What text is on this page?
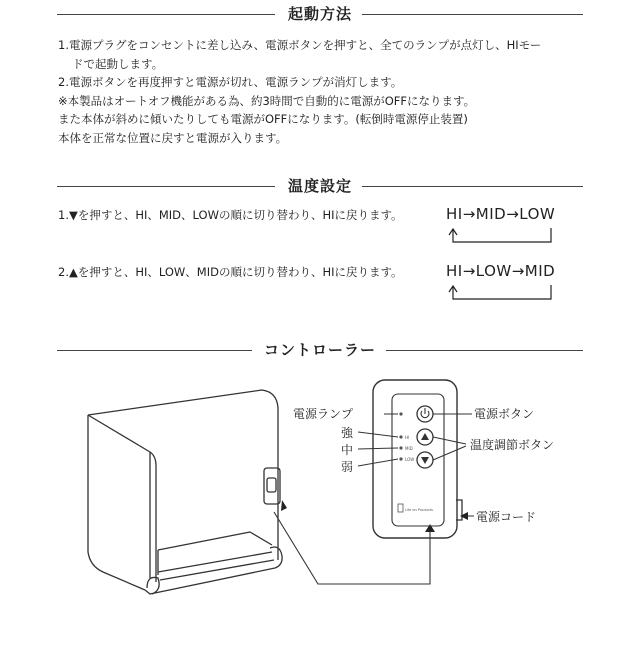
起動方法
1.電源プラグをコンセントに差し込み、電源ボタンを押すと、全てのランプが点灯し、HIモー
ドで起動します。
2.電源ボタンを再度押すと電源が切れ、電源ランプが消灯します。
※本製品はオートオフ機能がある為、約3時間で自動的に電源がOFFになります。
また本体が斜めに傾いたりしても電源がOFFになります。(転倒時電源停止装置)
本体を正常な位置に戻すと電源が入ります。
温度設定
1.▼を押すと、HI、MID、LOWの順に切り替わり、HIに戻ります。	HI→MID→LOW
2.▲を押すと、HI、LOW、MIDの順に切り替わり、HIに戻ります。	HI→LOW→MID
コントローラー
HI
MID
LOW
Life on Products
電源ランプ
強
中
弱
電源ボタン
温度調節ボタン
電源コード
